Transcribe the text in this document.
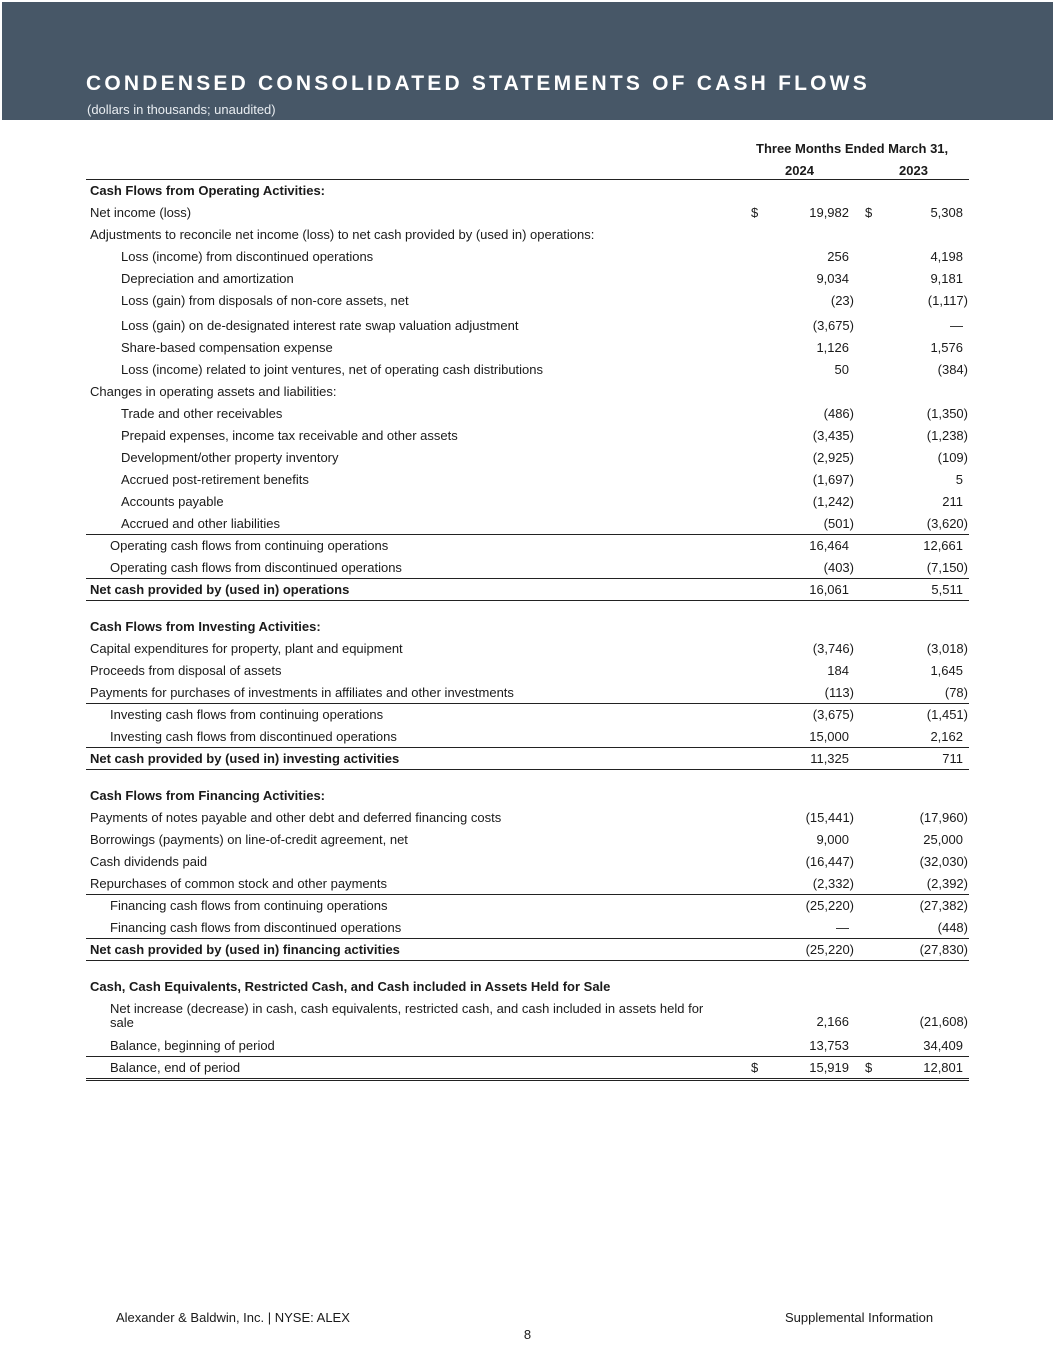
CONDENSED CONSOLIDATED STATEMENTS OF CASH FLOWS
(dollars in thousands; unaudited)
Three Months Ended March 31,
2024	2023
Cash Flows from Operating Activities:
Net income (loss)	$	19,982 $	5,308
Adjustments to reconcile net income (loss) to net cash provided by (used in) operations:
Loss (income) from discontinued operations	256	4,198
Depreciation and amortization	9,034	9,181
Loss (gain) from disposals of non-core assets, net	(23)	(1,117)
Loss (gain) on de-designated interest rate swap valuation adjustment	(3,675)	—
Share-based compensation expense	1,126	1,576
Loss (income) related to joint ventures, net of operating cash distributions	50	(384)
Changes in operating assets and liabilities:
Trade and other receivables	(486)	(1,350)
Prepaid expenses, income tax receivable and other assets	(3,435)	(1,238)
Development/other property inventory	(2,925)	(109)
Accrued post-retirement benefits	(1,697)	5
Accounts payable	(1,242)	211
Accrued and other liabilities	(501)	(3,620)
Operating cash flows from continuing operations	16,464	12,661
Operating cash flows from discontinued operations	(403)	(7,150)
Net cash provided by (used in) operations	16,061	5,511
Cash Flows from Investing Activities:
Capital expenditures for property, plant and equipment	(3,746)	(3,018)
Proceeds from disposal of assets	184	1,645
Payments for purchases of investments in affiliates and other investments	(113)	(78)
Investing cash flows from continuing operations	(3,675)	(1,451)
Investing cash flows from discontinued operations	15,000	2,162
Net cash provided by (used in) investing activities	11,325	711
Cash Flows from Financing Activities:
Payments of notes payable and other debt and deferred financing costs	(15,441)	(17,960)
Borrowings (payments) on line-of-credit agreement, net	9,000	25,000
Cash dividends paid	(16,447)	(32,030)
Repurchases of common stock and other payments	(2,332)	(2,392)
Financing cash flows from continuing operations	(25,220)	(27,382)
Financing cash flows from discontinued operations	—	(448)
Net cash provided by (used in) financing activities	(25,220)	(27,830)
Cash, Cash Equivalents, Restricted Cash, and Cash included in Assets Held for Sale
Net increase (decrease) in cash, cash equivalents, restricted cash, and cash included in assets held for sale	2,166	(21,608)
Balance, beginning of period	13,753	34,409
Balance, end of period	$	15,919 $	12,801
Alexander & Baldwin, Inc. | NYSE: ALEX	Supplemental Information
8
